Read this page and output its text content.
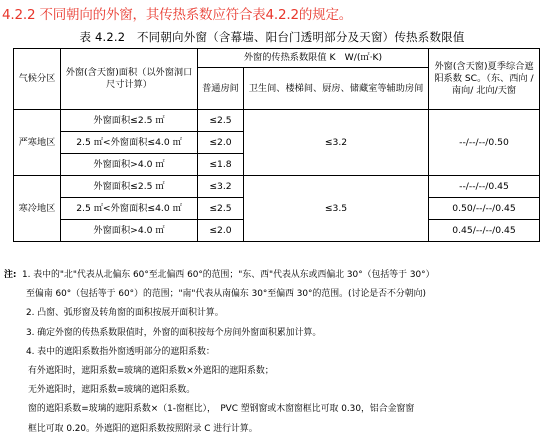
4.2.2 不同朝向的外窗，其传热系数应符合表4.2.2的规定。
表 4.2.2　不同朝向外窗（含幕墙、阳台门透明部分及天窗）传热系数限值
气候分区	外窗(含天窗)面积（以外窗洞口尺寸计算）	外窗的传热系数限值 K　W/(㎡·K)		外窗(含天窗)夏季综合遮阳系数 SC。（东、西向 / 南向/ 北向/天窗
		普通房间	卫生间、楼梯间、厨房、储藏室等辅助房间	
严寒地区	外窗面积≤2.5 ㎡	≤2.5	≤3.2	--/--/--/0.50
	2.5 ㎡<外窗面积≤4.0 ㎡	≤2.0		
	外窗面积>4.0 ㎡	≤1.8		
寒冷地区	外窗面积≤2.5 ㎡	≤3.2	≤3.5	--/--/--/0.45
	2.5 ㎡<外窗面积≤4.0 ㎡	≤2.5		0.50/--/--/0.45
	外窗面积>4.0 ㎡	≤2.0		0.45/--/--/0.45
注: 1. 表中的"北"代表从北偏东 60°至北偏西 60°的范围；"东、西"代表从东或西偏北 30°（包括等于 30°）
至偏南 60°（包括等于 60°）的范围；"南"代表从南偏东 30°至偏西 30°的范围。(讨论是否不分朝向)
2. 凸窗、弧形窗及转角窗的面积按展开面积计算。
3. 确定外窗的传热系数限值时，外窗的面积按每个房间外窗面积累加计算。
4. 表中的遮阳系数指外窗透明部分的遮阳系数：
有外遮阳时，遮阳系数=玻璃的遮阳系数×外遮阳的遮阳系数；
无外遮阳时，遮阳系数=玻璃的遮阳系数。
窗的遮阳系数=玻璃的遮阳系数×（1-窗框比），　PVC 塑钢窗或木窗窗框比可取 0.30，铝合金窗窗
框比可取 0.20。外遮阳的遮阳系数按照附录 C 进行计算。
